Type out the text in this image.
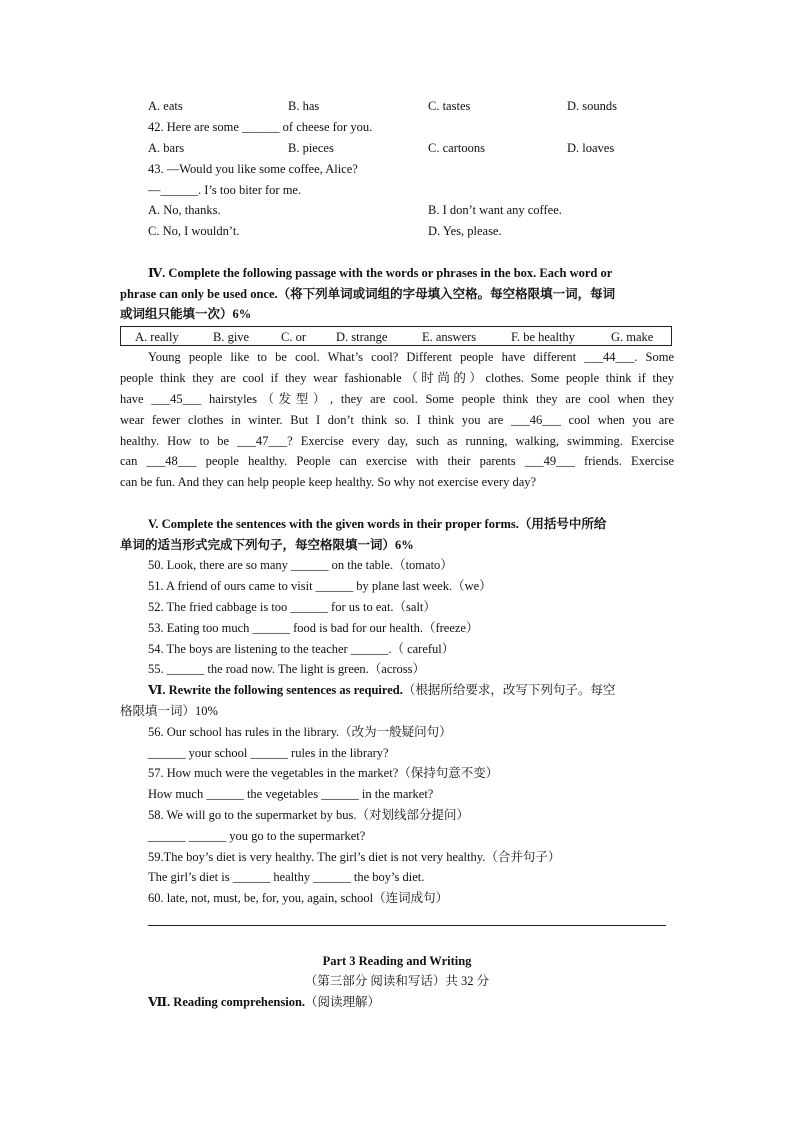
A. eats	B. has	C. tastes	D. sounds
42. Here are some ______ of cheese for you.
A. bars	B. pieces	C. cartoons	D. loaves
43. —Would you like some coffee, Alice?
—______. I’s too biter for me.
A. No, thanks.	B. I don’t want any coffee.
C. No, I wouldn’t.	D. Yes, please.
Ⅳ. Complete the following passage with the words or phrases in the box. Each word or
phrase can only be used once.（将下列单词或词组的字母填入空格。每空格限填一词，每词
或词组只能填一次）6%
A. really	B. give	C. or D. strange	E. answers	F. be healthy	G. make
Young people like to be cool. What’s cool? Different people have different ___44___. Some
people think they are cool if they wear fashionable（时尚的）clothes. Some people think if they
have ___45___ hairstyles（发型）, they are cool. Some people think they are cool when they
wear fewer clothes in winter. But I don’t think so. I think you are ___46___ cool when you are
healthy. How to be ___47___? Exercise every day, such as running, walking, swimming. Exercise
can ___48___ people healthy. People can exercise with their parents ___49___ friends. Exercise
can be fun. And they can help people keep healthy. So why not exercise every day?
V. Complete the sentences with the given words in their proper forms.（用括号中所给
单词的适当形式完成下列句子，每空格限填一词）6%
50. Look, there are so many ______ on the table.（tomato）
51. A friend of ours came to visit ______ by plane last week.（we）
52. The fried cabbage is too ______ for us to eat.（salt）
53. Eating too much ______ food is bad for our health.（freeze）
54. The boys are listening to the teacher ______.（ careful）
55. ______ the road now. The light is green.（across）
Ⅵ. Rewrite the following sentences as required.（根据所给要求，改写下列句子。每空
格限填一词）10%
56. Our school has rules in the library.（改为一般疑问句）
______ your school ______ rules in the library?
57. How much were the vegetables in the market?（保持句意不变）
How much ______ the vegetables ______ in the market?
58. We will go to the supermarket by bus.（对划线部分提问）
______ ______ you go to the supermarket?
59.The boy’s diet is very healthy. The girl’s diet is not very healthy.（合并句子）
The girl’s diet is ______ healthy ______ the boy’s diet.
60. late, not, must, be, for, you, again, school（连词成句）
Part 3 Reading and Writing
（第三部分 阅读和写话）共 32 分
Ⅶ. Reading comprehension.（阅读理解）
